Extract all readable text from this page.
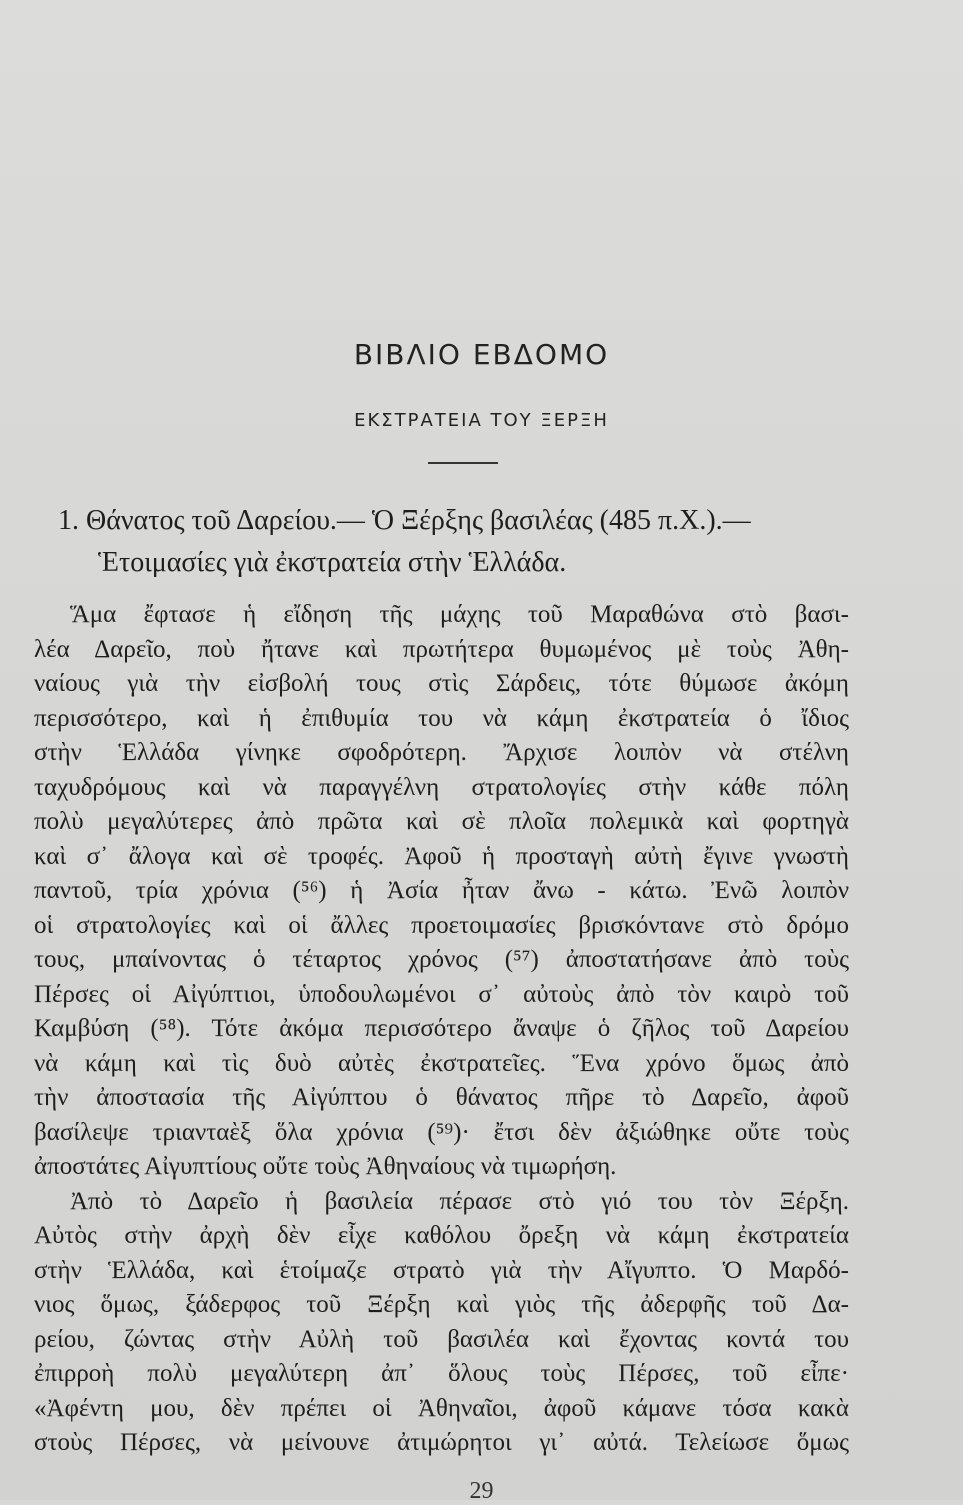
ΒΙΒΛΙΟ ΕΒΔΟΜΟ
ΕΚΣΤΡΑΤΕΙΑ ΤΟΥ ΞΕΡΞΗ
1. Θάνατος τοῦ Δαρείου.— Ὁ Ξέρξης βασιλέας (485 π.Χ.).—
Ἑτοιμασίες γιὰ ἐκστρατεία στὴν Ἑλλάδα.
Ἅμα ἔφτασε ἡ εἴδηση τῆς μάχης τοῦ Μαραθώνα στὸ βασι-
λέα Δαρεῖο, ποὺ ἤτανε καὶ πρωτήτερα θυμωμένος μὲ τοὺς Ἀθη-
ναίους γιὰ τὴν εἰσβολή τους στὶς Σάρδεις, τότε θύμωσε ἀκόμη
περισσότερο, καὶ ἡ ἐπιθυμία του νὰ κάμη ἐκστρατεία ὁ ἴδιος
στὴν Ἑλλάδα γίνηκε σφοδρότερη. Ἄρχισε λοιπὸν νὰ στέλνη
ταχυδρόμους καὶ νὰ παραγγέλνη στρατολογίες στὴν κάθε πόλη
πολὺ μεγαλύτερες ἀπὸ πρῶτα καὶ σὲ πλοῖα πολεμικὰ καὶ φορτηγὰ
καὶ σ᾽ ἄλογα καὶ σὲ τροφές. Ἀφοῦ ἡ προσταγὴ αὐτὴ ἔγινε γνωστὴ
παντοῦ, τρία χρόνια (⁵⁶) ἡ Ἀσία ἦταν ἄνω - κάτω. Ἐνῶ λοιπὸν
οἱ στρατολογίες καὶ οἱ ἄλλες προετοιμασίες βρισκόντανε στὸ δρόμο
τους, μπαίνοντας ὁ τέταρτος χρόνος (⁵⁷) ἀποστατήσανε ἀπὸ τοὺς
Πέρσες οἱ Αἰγύπτιοι, ὑποδουλωμένοι σ᾽ αὐτοὺς ἀπὸ τὸν καιρὸ τοῦ
Καμβύση (⁵⁸). Τότε ἀκόμα περισσότερο ἄναψε ὁ ζῆλος τοῦ Δαρείου
νὰ κάμη καὶ τὶς δυὸ αὐτὲς ἐκστρατεῖες. Ἕνα χρόνο ὅμως ἀπὸ
τὴν ἀποστασία τῆς Αἰγύπτου ὁ θάνατος πῆρε τὸ Δαρεῖο, ἀφοῦ
βασίλεψε τριανταὲξ ὅλα χρόνια (⁵⁹)· ἔτσι δὲν ἀξιώθηκε οὔτε τοὺς
ἀποστάτες Αἰγυπτίους οὔτε τοὺς Ἀθηναίους νὰ τιμωρήση.
Ἀπὸ τὸ Δαρεῖο ἡ βασιλεία πέρασε στὸ γιό του τὸν Ξέρξη.
Αὐτὸς στὴν ἀρχὴ δὲν εἶχε καθόλου ὄρεξη νὰ κάμη ἐκστρατεία
στὴν Ἑλλάδα, καὶ ἑτοίμαζε στρατὸ γιὰ τὴν Αἴγυπτο. Ὁ Μαρδό-
νιος ὅμως, ξάδερφος τοῦ Ξέρξη καὶ γιὸς τῆς ἀδερφῆς τοῦ Δα-
ρείου, ζώντας στὴν Αὐλὴ τοῦ βασιλέα καὶ ἔχοντας κοντά του
ἐπιρροὴ πολὺ μεγαλύτερη ἀπ᾽ ὅλους τοὺς Πέρσες, τοῦ εἶπε·
«Ἀφέντη μου, δὲν πρέπει οἱ Ἀθηναῖοι, ἀφοῦ κάμανε τόσα κακὰ
στοὺς Πέρσες, νὰ μείνουνε ἀτιμώρητοι γι᾽ αὐτά. Τελείωσε ὅμως
29
